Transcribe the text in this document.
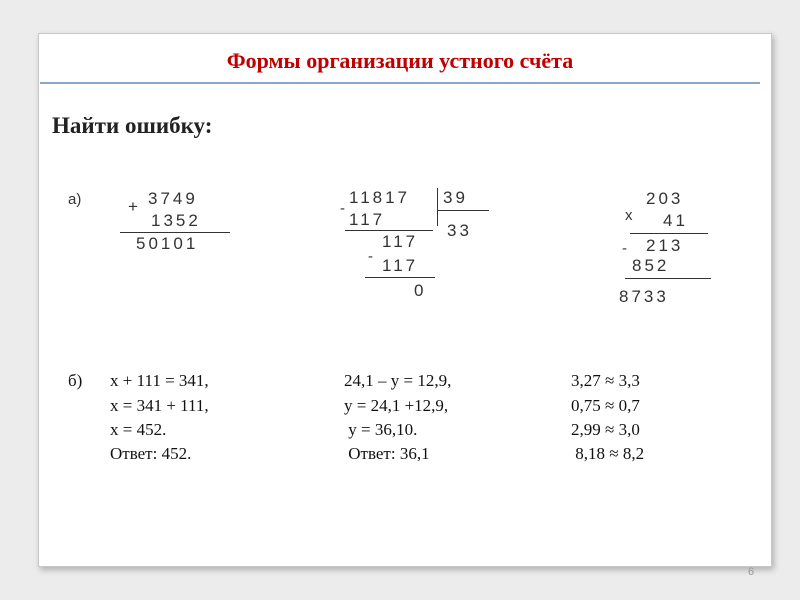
Формы организации устного счёта
Найти ошибку:
а)	+ 3749
1352
50101
11817 39
33
-
117
117
- 117
0
203
x 41
213
-
852
8733
б) x + 111 = 341,
x = 341 + 111,
x = 452.
Ответ: 452.
24,1 – y = 12,9,
y = 24,1 +12,9,
y = 36,10.
Ответ: 36,1
3,27 ≈ 3,3
0,75 ≈ 0,7
2,99 ≈ 3,0
8,18 ≈ 8,2
6
